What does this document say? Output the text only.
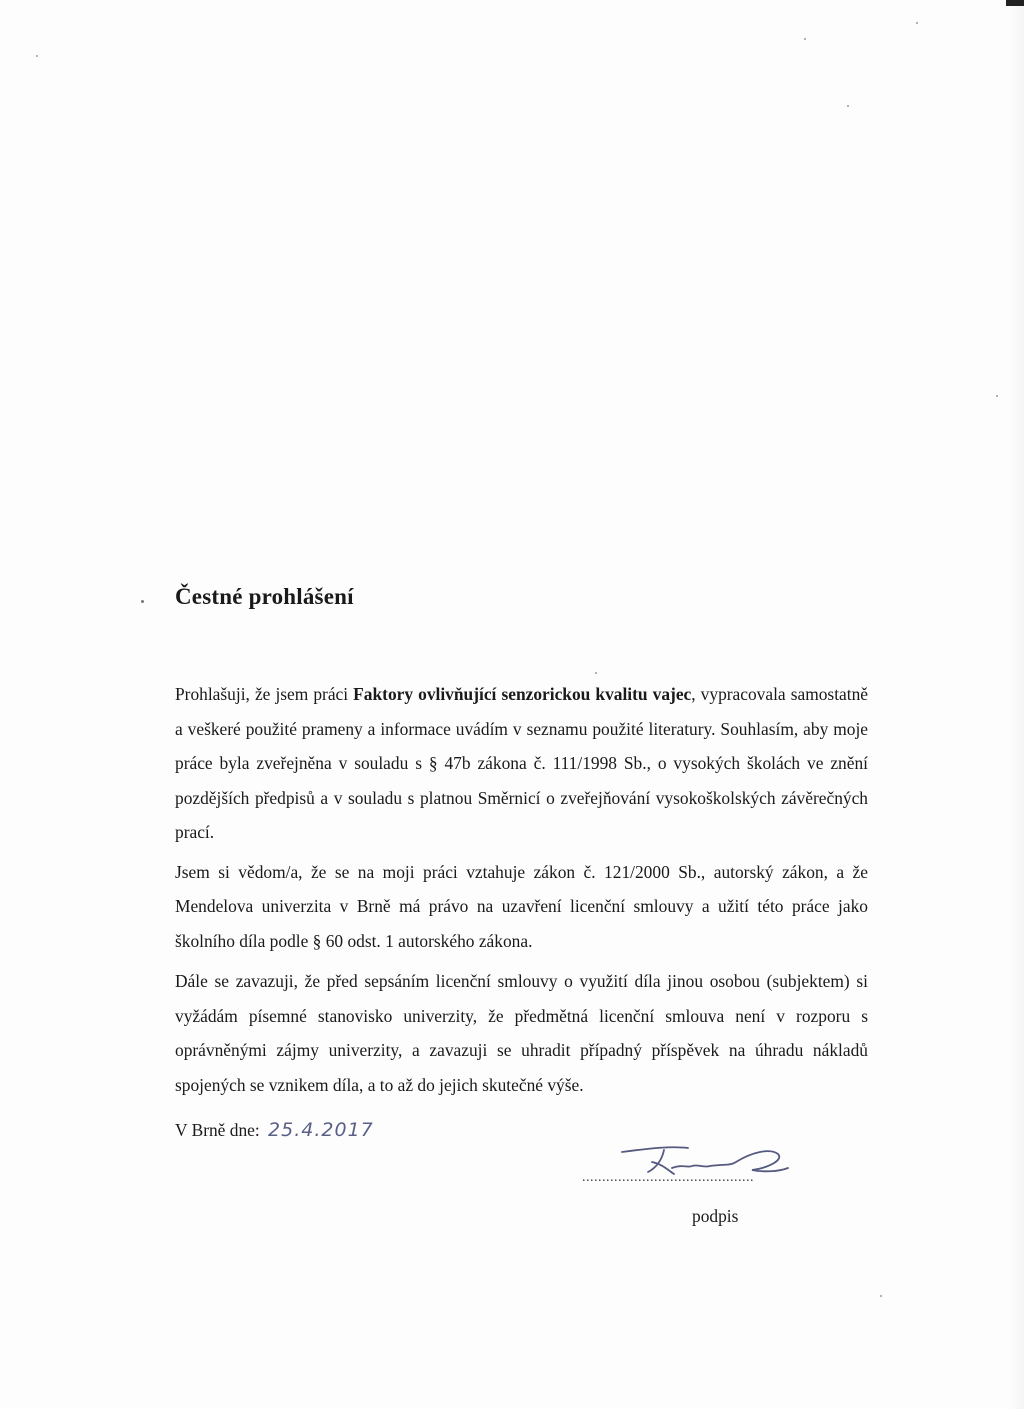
Čestné prohlášení

Prohlašuji, že jsem práci Faktory ovlivňující senzorickou kvalitu vajec, vypracovala samostatně a veškeré použité prameny a informace uvádím v seznamu použité literatury. Souhlasím, aby moje práce byla zveřejněna v souladu s § 47b zákona č. 111/1998 Sb., o vysokých školách ve znění pozdějších předpisů a v souladu s platnou Směrnicí o zveřejňování vysokoškolských závěrečných prací.

Jsem si vědom/a, že se na moji práci vztahuje zákon č. 121/2000 Sb., autorský zákon, a že Mendelova univerzita v Brně má právo na uzavření licenční smlouvy a užití této práce jako školního díla podle § 60 odst. 1 autorského zákona.

Dále se zavazuji, že před sepsáním licenční smlouvy o využití díla jinou osobou (subjektem) si vyžádám písemné stanovisko univerzity, že předmětná licenční smlouva není v rozporu s oprávněnými zájmy univerzity, a zavazuji se uhradit případný příspěvek na úhradu nákladů spojených se vznikem díla, a to až do jejich skutečné výše.

V Brně dne: 25.4.2017
...........................................
podpis
